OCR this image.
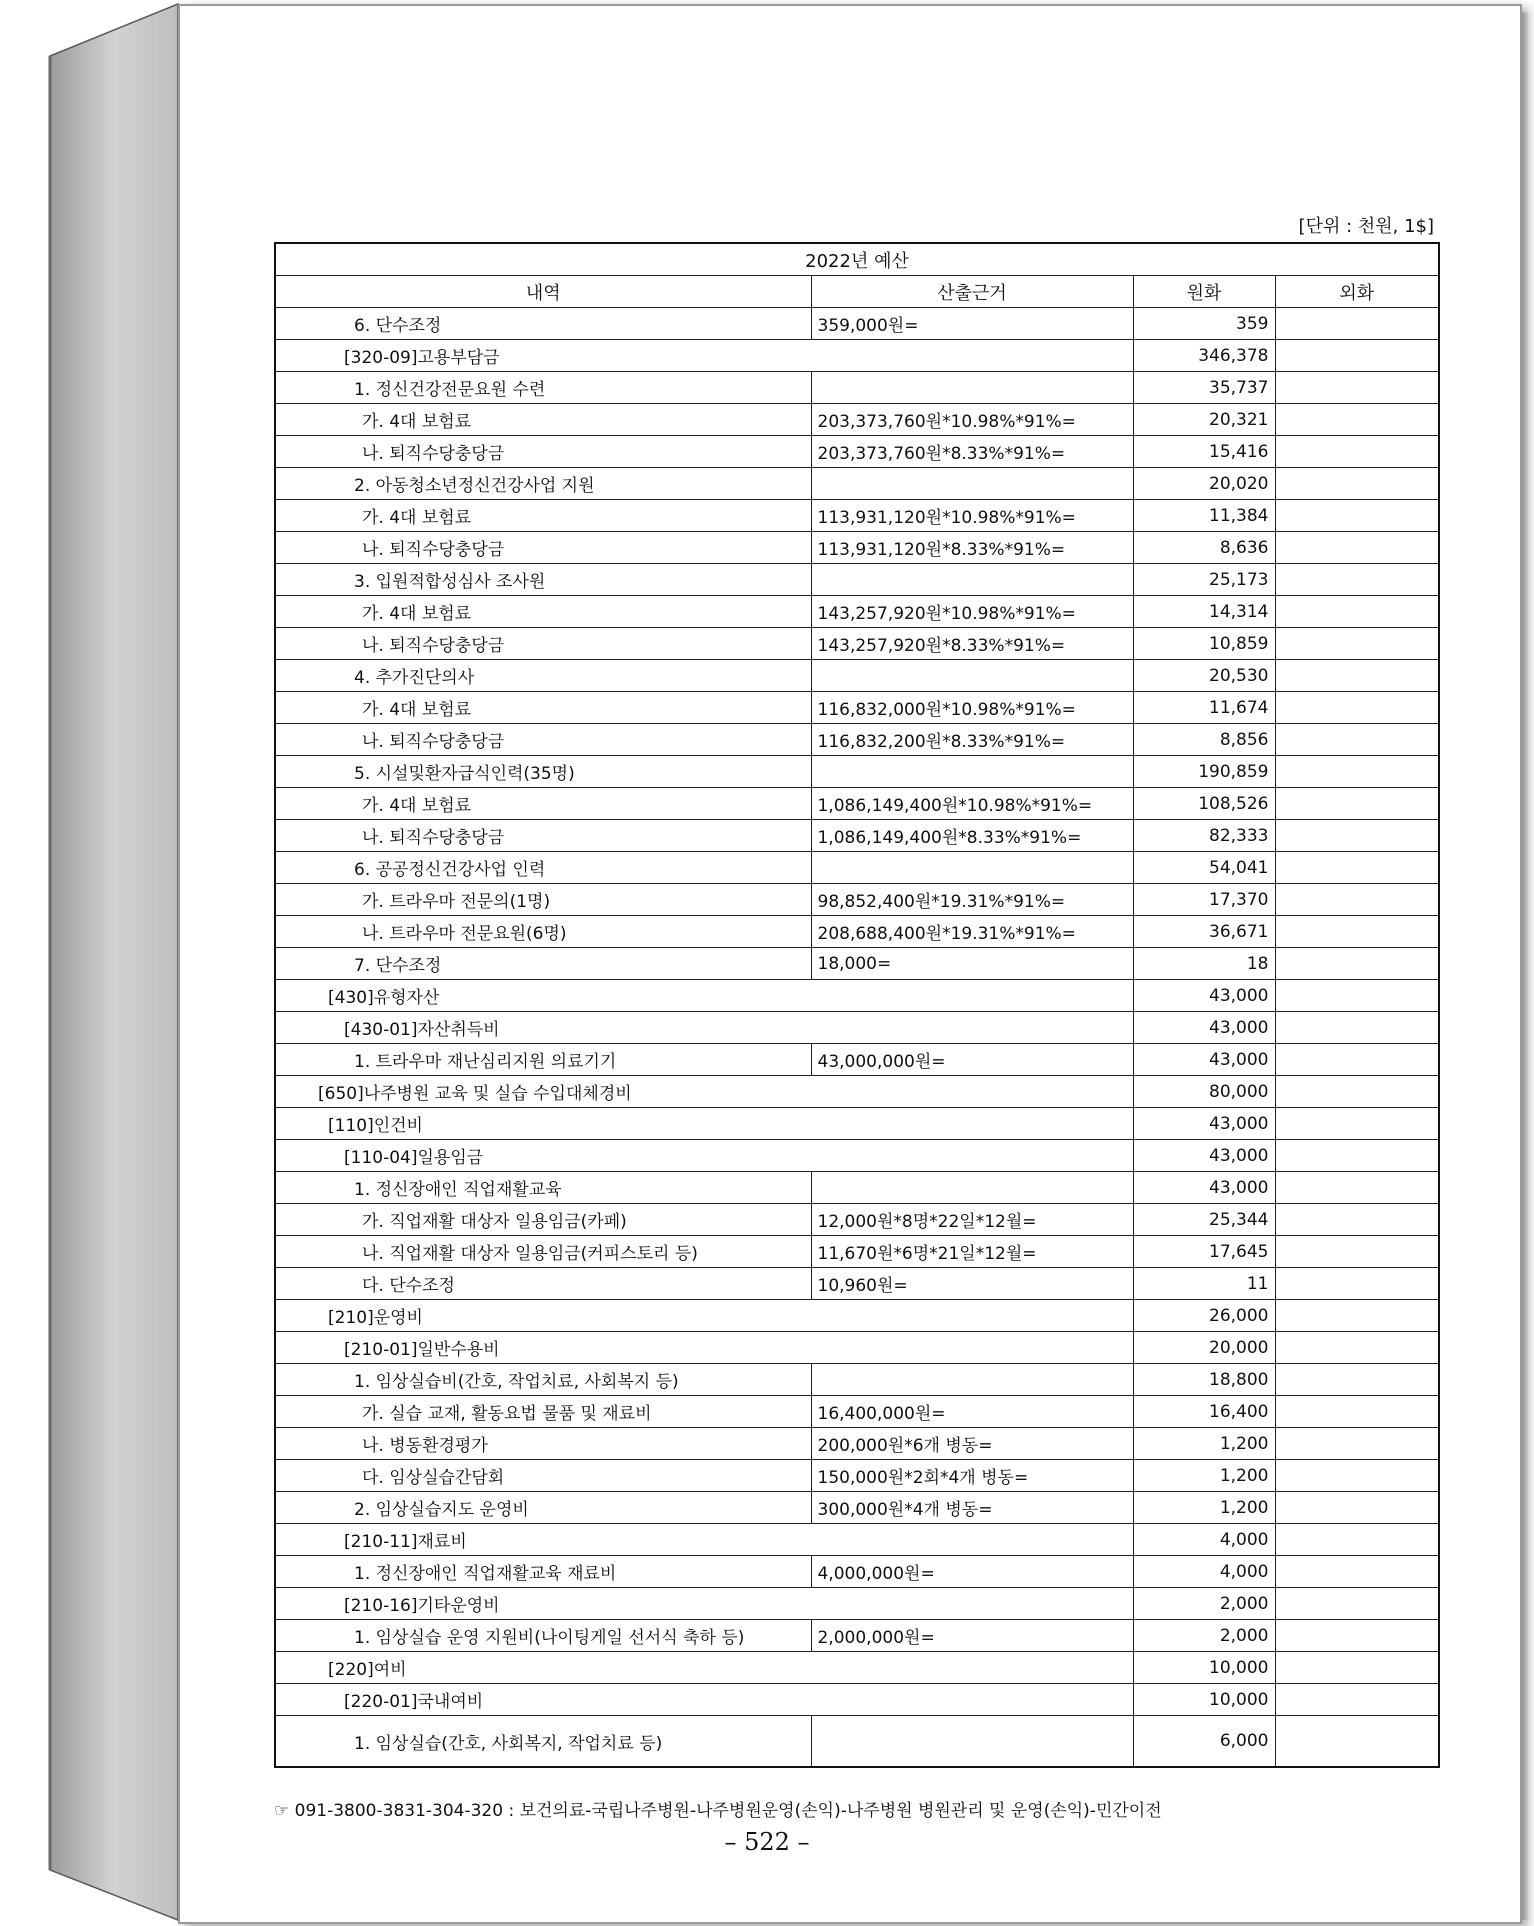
[단위 : 천원, 1$]
2022년 예산			
내역	산출근거	원화	외화
6. 단수조정	359,000원=	359	
[320-09]고용부담금		346,378	
1. 정신건강전문요원 수련		35,737	
가. 4대 보험료	203,373,760원*10.98%*91%=	20,321	
나. 퇴직수당충당금	203,373,760원*8.33%*91%=	15,416	
2. 아동청소년정신건강사업 지원		20,020	
가. 4대 보험료	113,931,120원*10.98%*91%=	11,384	
나. 퇴직수당충당금	113,931,120원*8.33%*91%=	8,636	
3. 입원적합성심사 조사원		25,173	
가. 4대 보험료	143,257,920원*10.98%*91%=	14,314	
나. 퇴직수당충당금	143,257,920원*8.33%*91%=	10,859	
4. 추가진단의사		20,530	
가. 4대 보험료	116,832,000원*10.98%*91%=	11,674	
나. 퇴직수당충당금	116,832,200원*8.33%*91%=	8,856	
5. 시설및환자급식인력(35명)		190,859	
가. 4대 보험료	1,086,149,400원*10.98%*91%=	108,526	
나. 퇴직수당충당금	1,086,149,400원*8.33%*91%=	82,333	
6. 공공정신건강사업 인력		54,041	
가. 트라우마 전문의(1명)	98,852,400원*19.31%*91%=	17,370	
나. 트라우마 전문요원(6명)	208,688,400원*19.31%*91%=	36,671	
7. 단수조정	18,000=	18	
[430]유형자산		43,000	
[430-01]자산취득비		43,000	
1. 트라우마 재난심리지원 의료기기	43,000,000원=	43,000	
[650]나주병원 교육 및 실습 수입대체경비		80,000	
[110]인건비		43,000	
[110-04]일용임금		43,000	
1. 정신장애인 직업재활교육		43,000	
가. 직업재활 대상자 일용임금(카페)	12,000원*8명*22일*12월=	25,344	
나. 직업재활 대상자 일용임금(커피스토리 등)	11,670원*6명*21일*12월=	17,645	
다. 단수조정	10,960원=	11	
[210]운영비		26,000	
[210-01]일반수용비		20,000	
1. 임상실습비(간호, 작업치료, 사회복지 등)		18,800	
가. 실습 교재, 활동요법 물품 및 재료비	16,400,000원=	16,400	
나. 병동환경평가	200,000원*6개 병동=	1,200	
다. 임상실습간담회	150,000원*2회*4개 병동=	1,200	
2. 임상실습지도 운영비	300,000원*4개 병동=	1,200	
[210-11]재료비		4,000	
1. 정신장애인 직업재활교육 재료비	4,000,000원=	4,000	
[210-16]기타운영비		2,000	
1. 임상실습 운영 지원비(나이팅게일 선서식 축하 등)	2,000,000원=	2,000	
[220]여비		10,000	
[220-01]국내여비		10,000	
1. 임상실습(간호, 사회복지, 작업치료 등)		6,000	
☞ 091-3800-3831-304-320 : 보건의료-국립나주병원-나주병원운영(손익)-나주병원 병원관리 및 운영(손익)-민간이전
– 522 –
